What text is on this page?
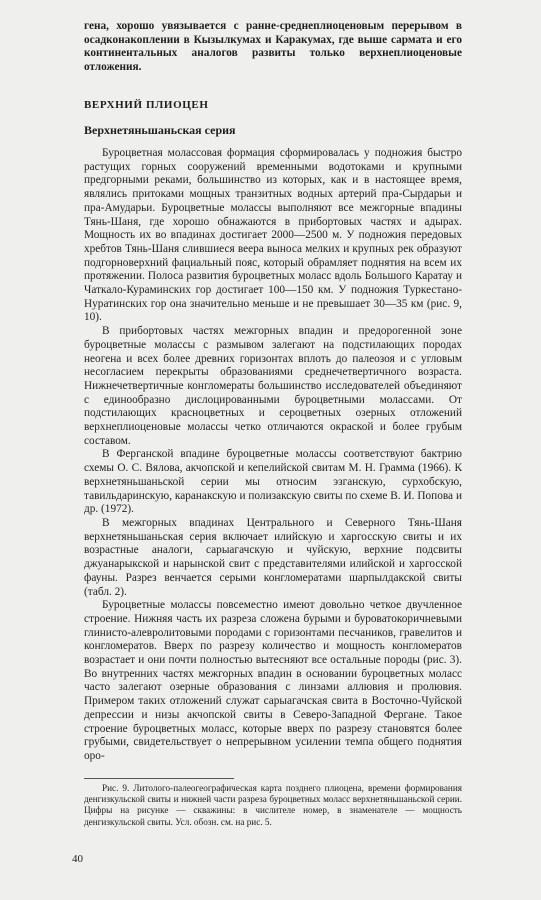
гена, хорошо увязывается с ранне-среднеплиоценовым перерывом в осадконакоплении в Кызылкумах и Каракумах, где выше сармата и его континентальных аналогов развиты только верхнеплиоценовые отложения.

ВЕРХНИЙ ПЛИОЦЕН
Верхнетяньшаньская серия

Буроцветная молассовая формация сформировалась у подножия быстро растущих горных сооружений временными водотоками и крупными предгорными реками, большинство из которых, как и в настоящее время, являлись притоками мощных транзитных водных артерий пра-Сырдарьи и пра-Амударьи. Буроцветные молассы выполняют все межгорные впадины Тянь-Шаня, где хорошо обнажаются в прибортовых частях и адырах. Мощность их во впадинах достигает 2000—2500 м. У подножия передовых хребтов Тянь-Шаня слившиеся веера выноса мелких и крупных рек образуют подгорноверхний фациальный пояс, который обрамляет поднятия на всем их протяжении. Полоса развития буроцветных моласс вдоль Большого Каратау и Чаткало-Кураминских гор достигает 100—150 км. У подножия Туркестано-Нуратинских гор она значительно меньше и не превышает 30—35 км (рис. 9, 10).

В прибортовых частях межгорных впадин и предорогенной зоне буроцветные молассы с размывом залегают на подстилающих породах неогена и всех более древних горизонтах вплоть до палеозоя и с угловым несогласием перекрыты образованиями среднечетвертичного возраста. Нижнечетвертичные конгломераты большинство исследователей объединяют с единообразно дислоцированными буроцветными молассами. От подстилающих красноцветных и сероцветных озерных отложений верхнеплиоценовые молассы четко отличаются окраской и более грубым составом.

В Ферганской впадине буроцветные молассы соответствуют бактрию схемы О. С. Вялова, акчопской и кепелийской свитам М. Н. Грамма (1966). К верхнетяньшаньской серии мы относим эзганскую, сурхобскую, тавильдаринскую, каранакскую и полизакскую свиты по схеме В. И. Попова и др. (1972).

В межгорных впадинах Центрального и Северного Тянь-Шаня верхнетяньшаньская серия включает илийскую и харгосскую свиты и их возрастные аналоги, сарыагачскую и чуйскую, верхние подсвиты джуанарыкской и нарынской свит с представителями илийской и харгосской фауны. Разрез венчается серыми конгломератами шарпылдакской свиты (табл. 2).

Буроцветные молассы повсеместно имеют довольно четкое двучленное строение. Нижняя часть их разреза сложена бурыми и буроватокоричневыми глинисто-алевролитовыми породами с горизонтами песчаников, гравелитов и конгломератов. Вверх по разрезу количество и мощность конгломератов возрастает и они почти полностью вытесняют все остальные породы (рис. 3). Во внутренних частях межгорных впадин в основании буроцветных моласс часто залегают озерные образования с линзами аллювия и пролювия. Примером таких отложений служат сарыагачская свита в Восточно-Чуйской депрессии и низы акчопской свиты в Северо-Западной Фергане. Такое строение буроцветных моласс, которые вверх по разрезу становятся более грубыми, свидетельствует о непрерывном усилении темпа общего поднятия оро-

Рис. 9. Литолого-палеогеографическая карта позднего плиоцена, времени формирования денгизкульской свиты и нижней части разреза буроцветных моласс верхнетяньшаньской серии. Цифры на рисунке — скважины: в числителе номер, в знаменателе — мощность денгизкульской свиты. Усл. обозн. см. на рис. 5.

40
